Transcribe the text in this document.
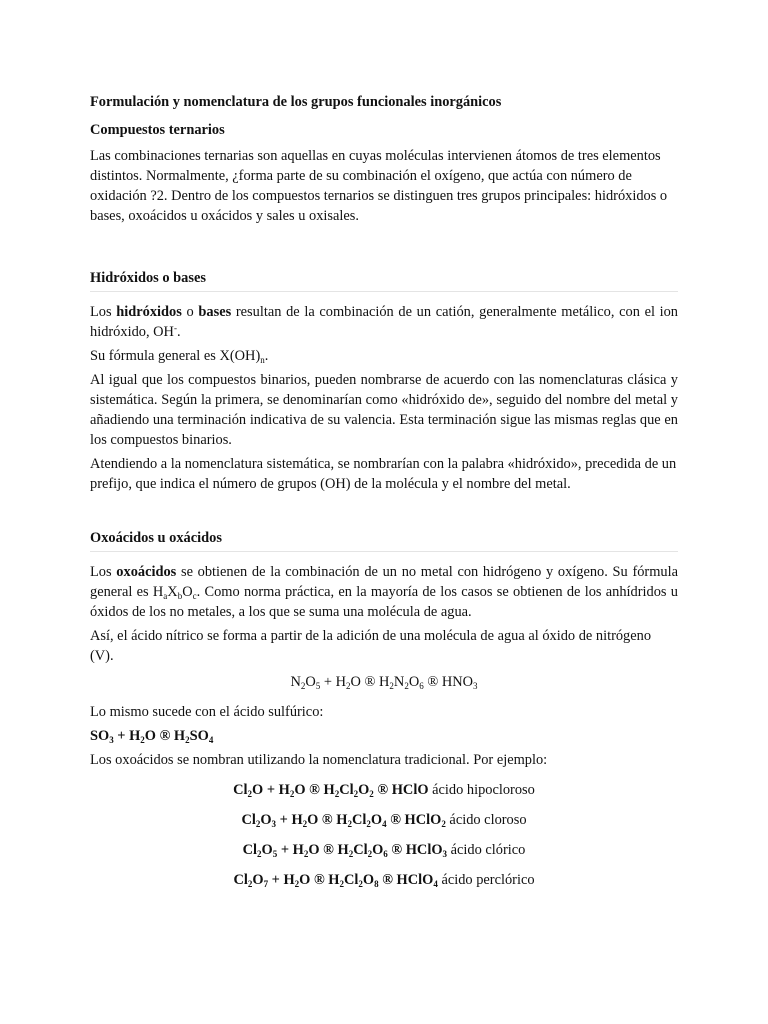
Formulación y nomenclatura de los grupos funcionales inorgánicos

Compuestos ternarios

Las combinaciones ternarias son aquellas en cuyas moléculas intervienen átomos de tres elementos distintos. Normalmente, ¿forma parte de su combinación el oxígeno, que actúa con número de oxidación ?2. Dentro de los compuestos ternarios se distinguen tres grupos principales: hidróxidos o bases, oxoácidos u oxácidos y sales u oxisales.

Hidróxidos o bases

Los hidróxidos o bases resultan de la combinación de un catión, generalmente metálico, con el ion hidróxido, OH-.

Su fórmula general es $X(OH)_n$.

Al igual que los compuestos binarios, pueden nombrarse de acuerdo con las nomenclaturas clásica y sistemática. Según la primera, se denominarían como «hidróxido de», seguido del nombre del metal y añadiendo una terminación indicativa de su valencia. Esta terminación sigue las mismas reglas que en los compuestos binarios.

Atendiendo a la nomenclatura sistemática, se nombrarían con la palabra «hidróxido», precedida de un prefijo, que indica el número de grupos (OH) de la molécula y el nombre del metal.

Oxoácidos u oxácidos

Los oxoácidos se obtienen de la combinación de un no metal con hidrógeno y oxígeno. Su fórmula general es $H_aX_bO_c$. Como norma práctica, en la mayoría de los casos se obtienen de los anhídridos u óxidos de los no metales, a los que se suma una molécula de agua.

Así, el ácido nítrico se forma a partir de la adición de una molécula de agua al óxido de nitrógeno (V).

$N_2O_5 + H_2O$ ® $H_2N_2O_6$ ® $HNO_3$

Lo mismo sucede con el ácido sulfúrico:

$SO_3 + H_2O$ ® $H_2SO_4$

Los oxoácidos se nombran utilizando la nomenclatura tradicional. Por ejemplo:

$Cl_2O + H_2O$ ® $H_2Cl_2O_2$ ® HClO ácido hipocloroso

$Cl_2O_3 + H_2O$ ® $H_2Cl_2O_4$ ® HClO$_2$ ácido cloroso

$Cl_2O_5 + H_2O$ ® $H_2Cl_2O_6$ ® HClO$_3$ ácido clórico

$Cl_2O_7 + H_2O$ ® $H_2Cl_2O_8$ ® HClO$_4$ ácido perclórico
